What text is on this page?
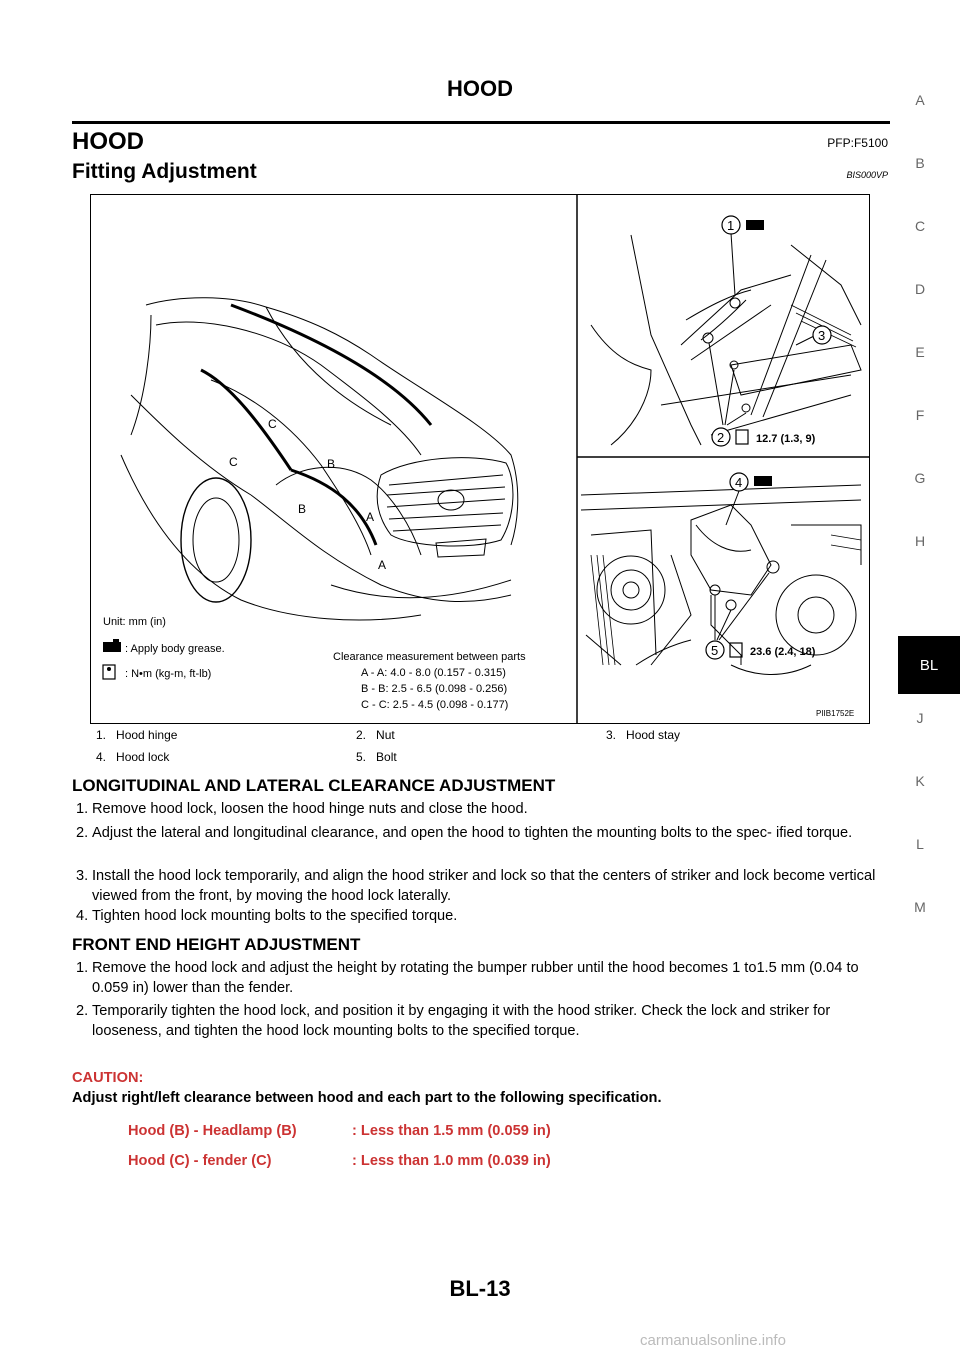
HOOD
HOOD	PFP:F5100
Fitting Adjustment	BIS000VP
A
B
C
D
E
F
G
H
J
K
L
M
BL
C
C	B
B
A
A
Unit: mm (in)
: Apply body grease.
: N•m (kg-m, ft-lb)
Clearance measurement between parts
A - A: 4.0 - 8.0 (0.157 - 0.315)
B - B: 2.5 - 6.5 (0.098 - 0.256)
C - C: 2.5 - 4.5 (0.098 - 0.177)
1
3
2	12.7 (1.3, 9)
4
5	23.6 (2.4, 18)
PIIB1752E
1. Hood hinge	2. Nut	3. Hood stay
4. Hood lock	5. Bolt
LONGITUDINAL AND LATERAL CLEARANCE ADJUSTMENT
1. Remove hood lock, loosen the hood hinge nuts and close the hood.
2. Adjust the lateral and longitudinal clearance, and open the hood to tighten the mounting bolts to the spec- ified torque.
3. Install the hood lock temporarily, and align the hood striker and lock so that the centers of striker and lock become vertical viewed from the front, by moving the hood lock laterally.
4. Tighten hood lock mounting bolts to the specified torque.
FRONT END HEIGHT ADJUSTMENT
1. Remove the hood lock and adjust the height by rotating the bumper rubber until the hood becomes 1 to1.5 mm (0.04 to 0.059 in) lower than the fender.
2. Temporarily tighten the hood lock, and position it by engaging it with the hood striker. Check the lock and striker for looseness, and tighten the hood lock mounting bolts to the specified torque.
CAUTION:
Adjust right/left clearance between hood and each part to the following specification.
Hood (B) - Headlamp (B)	: Less than 1.5 mm (0.059 in)
Hood (C) - fender (C)	: Less than 1.0 mm (0.039 in)
BL-13
carmanualsonline.info
